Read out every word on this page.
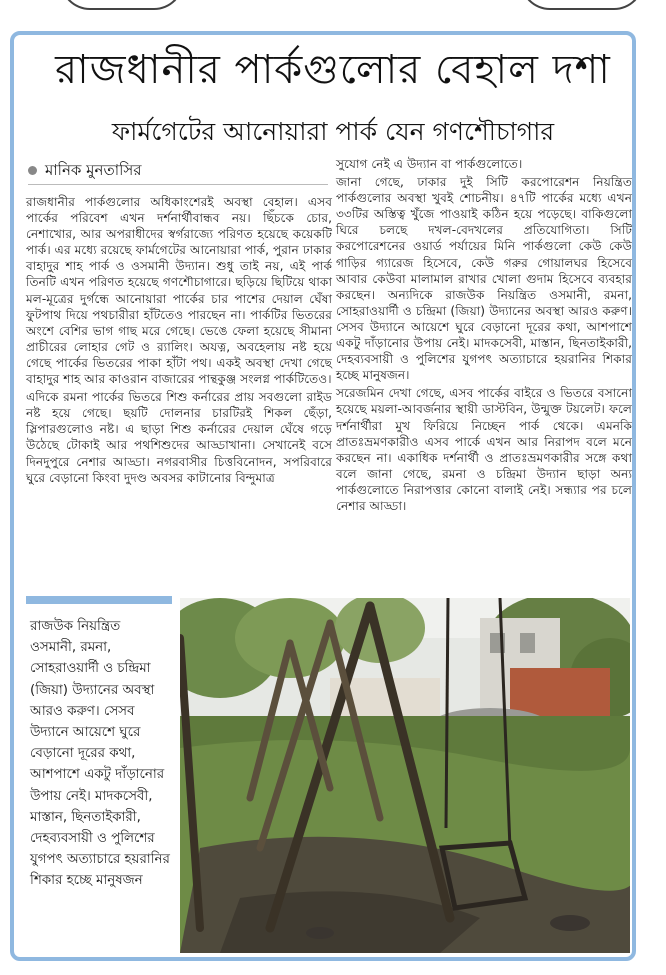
রাজধানীর পার্কগুলোর বেহাল দশা
ফার্মগেটের আনোয়ারা পার্ক যেন গণশৌচাগার
মানিক মুনতাসির

রাজধানীর পার্কগুলোর অধিকাংশেরই অবস্থা বেহাল। এসব পার্কের পরিবেশ এখন দর্শনার্থীবান্ধব নয়। ছিঁচকে চোর, নেশাখোর, আর অপরাধীদের স্বর্গরাজ্যে পরিণত হয়েছে কয়েকটি পার্ক। এর মধ্যে রয়েছে ফার্মগেটের আনোয়ারা পার্ক, পুরান ঢাকার বাহাদুর শাহ পার্ক ও ওসমানী উদ্যান। শুধু তাই নয়, এই পার্ক তিনটি এখন পরিণত হয়েছে গণশৌচাগারে। ছড়িয়ে ছিটিয়ে থাকা মল-মূত্রের দুর্গন্ধে আনোয়ারা পার্কের চার পাশের দেয়াল ঘেঁষা ফুটপাথ দিয়ে পথচারীরা হাঁটতেও পারছেন না। পার্কটির ভিতরের অংশে বেশির ভাগ গাছ মরে গেছে। ভেঙে ফেলা হয়েছে সীমানা প্রাচীরের লোহার গেট ও র‍্যালিং। অযত্ন, অবহেলায় নষ্ট হয়ে গেছে পার্কের ভিতরের পাকা হাঁটা পথ। একই অবস্থা দেখা গেছে বাহাদুর শাহ আর কাওরান বাজারের পান্থকুঞ্জ সংলগ্ন পার্কটিতেও।

এদিকে রমনা পার্কের ভিতরে শিশু কর্নারের প্রায় সবগুলো রাইড নষ্ট হয়ে গেছে। ছয়টি দোলনার চারটিরই শিকল ছেঁড়া, স্লিপারগুলোও নষ্ট। এ ছাড়া শিশু কর্নারের দেয়াল ঘেঁষে গড়ে উঠেছে টোকাই আর পথশিশুদের আড্ডাখানা। সেখানেই বসে দিনদুপুরে নেশার আড্ডা। নগরবাসীর চিত্তবিনোদন, সপরিবারে ঘুরে বেড়ানো কিংবা দুদণ্ড অবসর কাটানোর বিন্দুমাত্র

সুযোগ নেই এ উদ্যান বা পার্কগুলোতে।

জানা গেছে, ঢাকার দুই সিটি করপোরেশন নিয়ন্ত্রিত পার্কগুলোর অবস্থা খুবই শোচনীয়। ৪৭টি পার্কের মধ্যে এখন ৩৩টির অস্তিত্ব খুঁজে পাওয়াই কঠিন হয়ে পড়েছে। বাকিগুলো ঘিরে চলছে দখল-বেদখলের প্রতিযোগিতা। সিটি করপোরেশনের ওয়ার্ড পর্যায়ের মিনি পার্কগুলো কেউ কেউ গাড়ির গ্যারেজ হিসেবে, কেউ গরুর গোয়ালঘর হিসেবে আবার কেউবা মালামাল রাখার খোলা গুদাম হিসেবে ব্যবহার করছেন। অন্যদিকে রাজউক নিয়ন্ত্রিত ওসমানী, রমনা, সোহরাওয়ার্দী ও চন্দ্রিমা (জিয়া) উদ্যানের অবস্থা আরও করুণ। সেসব উদ্যানে আয়েশে ঘুরে বেড়ানো দূরের কথা, আশপাশে একটু দাঁড়ানোর উপায় নেই। মাদকসেবী, মাস্তান, ছিনতাইকারী, দেহব্যবসায়ী ও পুলিশের যুগপৎ অত্যাচারে হয়রানির শিকার হচ্ছে মানুষজন।

সরেজমিন দেখা গেছে, এসব পার্কের বাইরে ও ভিতরে বসানো হয়েছে ময়লা-আবর্জনার স্থায়ী ডাস্টবিন, উন্মুক্ত টয়লেট। ফলে দর্শনার্থীরা মুখ ফিরিয়ে নিচ্ছেন পার্ক থেকে। এমনকি প্রাতঃভ্রমণকারীও এসব পার্কে এখন আর নিরাপদ বলে মনে করছেন না। একাধিক দর্শনার্থী ও প্রাতঃভ্রমণকারীর সঙ্গে কথা বলে জানা গেছে, রমনা ও চন্দ্রিমা উদ্যান ছাড়া অন্য পার্কগুলোতে নিরাপত্তার কোনো বালাই নেই। সন্ধ্যার পর চলে নেশার আড্ডা।

রাজউক নিয়ন্ত্রিত ওসমানী, রমনা, সোহরাওয়ার্দী ও চন্দ্রিমা (জিয়া) উদ্যানের অবস্থা আরও করুণ। সেসব উদ্যানে আয়েশে ঘুরে বেড়ানো দূরের কথা, আশপাশে একটু দাঁড়ানোর উপায় নেই। মাদকসেবী, মাস্তান, ছিনতাইকারী, দেহব্যবসায়ী ও পুলিশের যুগপৎ অত্যাচারে হয়রানির শিকার হচ্ছে মানুষজন
